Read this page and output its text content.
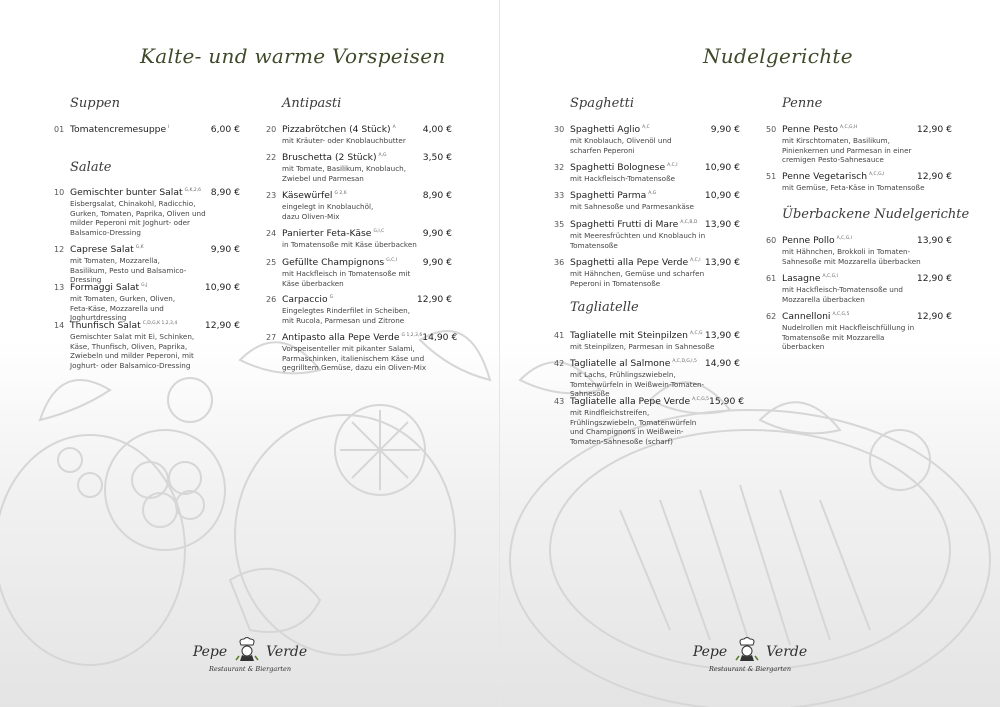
Kalte- und warme Vorspeisen
Suppen
01 Tomatencremesuppe $^I$	6,00 €
Salate
10 Gemischter bunter Salat $^{G,K,2,6}$	8,90 €
Eisbergsalat, Chinakohl, Radicchio, Gurken, Tomaten, Paprika, Oliven und milder Peperoni mit Joghurt- oder Balsamico-Dressing
12 Caprese Salat $^{G,K}$	9,90 €
mit Tomaten, Mozzarella, Basilikum, Pesto und Balsamico-Dressing
13 Formaggi Salat $^{G,J}$	10,90 €
mit Tomaten, Gurken, Oliven, Feta-Käse, Mozzarella und Joghurtdressing
14 Thunfisch Salat $^{C,D,G,K 1,2,3,4}$	12,90 €
Gemischter Salat mit Ei, Schinken, Käse, Thunfisch, Oliven, Paprika, Zwiebeln und milder Peperoni, mit Joghurt- oder Balsamico-Dressing
Antipasti
20 Pizzabrötchen (4 Stück) $^A$	4,00 €
mit Kräuter- oder Knoblauchbutter
22 Bruschetta (2 Stück) $^{A,G}$	3,50 €
mit Tomate, Basilikum, Knoblauch, Zwiebel und Parmesan
23 Käsewürfel $^{G 2,6}$	8,90 €
eingelegt in Knoblauchöl, dazu Oliven-Mix
24 Panierter Feta-Käse $^{G,I,C}$	9,90 €
in Tomatensoße mit Käse überbacken
25 Gefüllte Champignons $^{G,C,I}$	9,90 €
mit Hackfleisch in Tomatensoße mit Käse überbacken
26 Carpaccio $^G$	12,90 €
Eingelegtes Rinderfilet in Scheiben, mit Rucola, Parmesan und Zitrone
27 Antipasto alla Pepe Verde $^{G 1,2,3,6}$ 14,90 €
Vorspeisenteller mit pikanter Salami, Parmaschinken, italienischem Käse und gegrilltem Gemüse, dazu ein Oliven-Mix
Pepe	Verde
Restaurant & Biergarten
Nudelgerichte
Spaghetti
30 Spaghetti Aglio $^{A,C}$	9,90 €
mit Knoblauch, Olivenöl und scharfen Peperoni
32 Spaghetti Bolognese $^{A,C,I}$	10,90 €
mit Hackfleisch-Tomatensoße
33 Spaghetti Parma $^{A,G}$	10,90 €
mit Sahnesoße und Parmesankäse
35 Spaghetti Frutti di Mare $^{A,C,B,D}$ 13,90 €
mit Meeresfrüchten und Knoblauch in Tomatensoße
36 Spaghetti alla Pepe Verde $^{A,C,I}$ 13,90 €
mit Hähnchen, Gemüse und scharfen Peperoni in Tomatensoße
Tagliatelle
41 Tagliatelle mit Steinpilzen $^{A,C,G}$ 13,90 €
mit Steinpilzen, Parmesan in Sahnesoße
42 Tagliatelle al Salmone $^{A,C,D,G,I,5}$ 14,90 €
mit Lachs, Frühlingszwiebeln, Tomtenwürfeln in Weißwein-Tomaten-Sahnesoße
43 Tagliatelle alla Pepe Verde $^{A,C,G,5}$ 15,90 €
mit Rindfleichstreifen, Frühlingszwiebeln, Tomatenwürfeln und Champignons in Weißwein-Tomaten-Sahnesoße (scharf)
Penne
50 Penne Pesto $^{A,C,G,H}$	12,90 €
mit Kirschtomaten, Basilikum, Pinienkernen und Parmesan in einer cremigen Pesto-Sahnesauce
51 Penne Vegetarisch $^{A,C,G,I}$	12,90 €
mit Gemüse, Feta-Käse in Tomatensoße
Überbackene Nudelgerichte
60 Penne Pollo $^{A,C,G,I}$	13,90 €
mit Hähnchen, Brokkoli in Tomaten-Sahnesoße mit Mozzarella überbacken
61 Lasagne $^{A,C,G,I}$	12,90 €
mit Hackfleisch-Tomatensoße und Mozzarella überbacken
62 Cannelloni $^{A,C,G,5}$	12,90 €
Nudelrollen mit Hackfleischfüllung in Tomatensoße mit Mozzarella überbacken
Pepe	Verde
Restaurant & Biergarten
